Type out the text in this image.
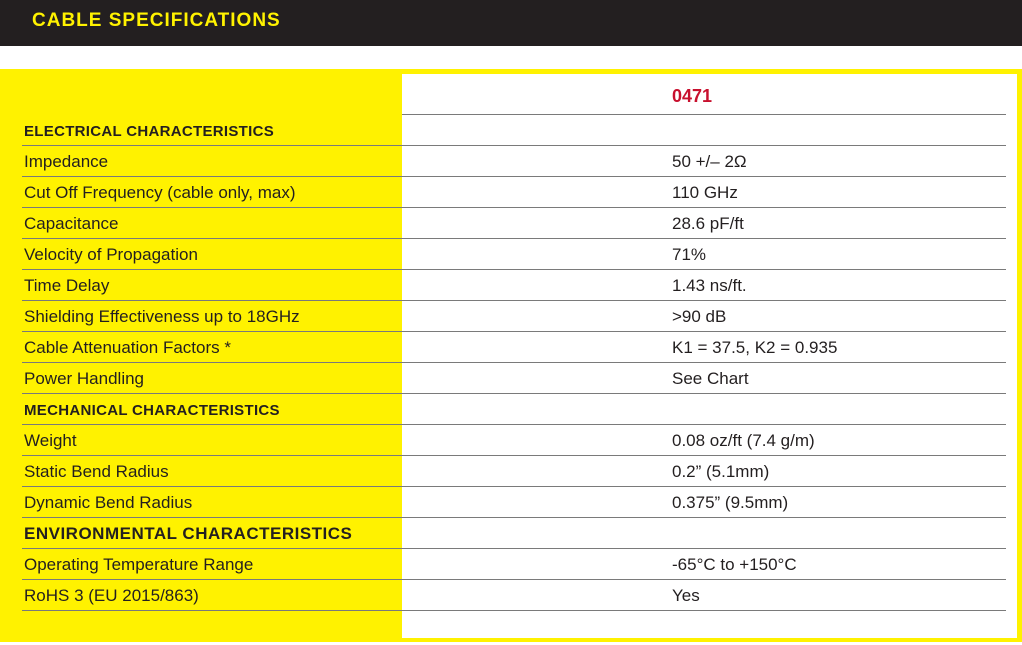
CABLE SPECIFICATIONS
0471
ELECTRICAL CHARACTERISTICS
Impedance	50 +/– 2Ω
Cut Off Frequency (cable only, max)	110 GHz
Capacitance	28.6 pF/ft
Velocity of Propagation	71%
Time Delay	1.43 ns/ft.
Shielding Effectiveness up to 18GHz	>90 dB
Cable Attenuation Factors *	K1 = 37.5, K2 = 0.935
Power Handling	See Chart
MECHANICAL CHARACTERISTICS
Weight	0.08 oz/ft (7.4 g/m)
Static Bend Radius	0.2” (5.1mm)
Dynamic Bend Radius	0.375” (9.5mm)
ENVIRONMENTAL CHARACTERISTICS
Operating Temperature Range	-65°C to +150°C
RoHS 3 (EU 2015/863)	Yes
